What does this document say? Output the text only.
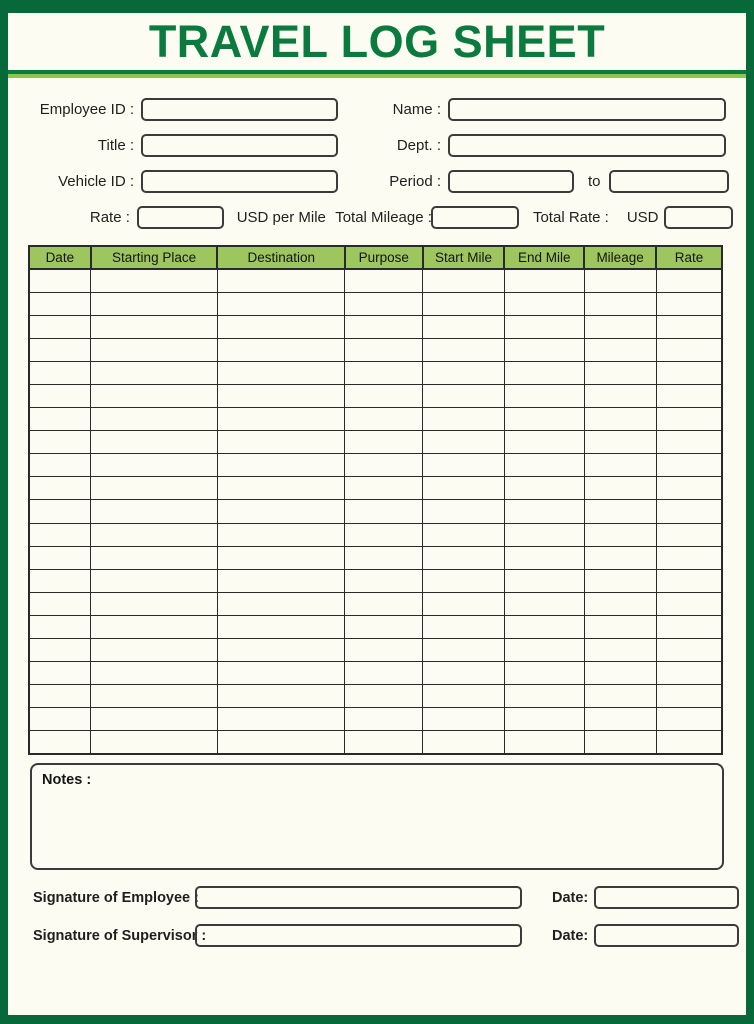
TRAVEL LOG SHEET
Employee ID :	Name :
Title :	Dept. :
Vehicle ID :	Period :	to
Rate :	USD per Mile Total Mileage :	Total Rate : USD
Date	Starting Place	Destination	Purpose	Start Mile	End Mile	Mileage	Rate

Notes :
Signature of Employee :	Date:
Signature of Supervisor :	Date:
